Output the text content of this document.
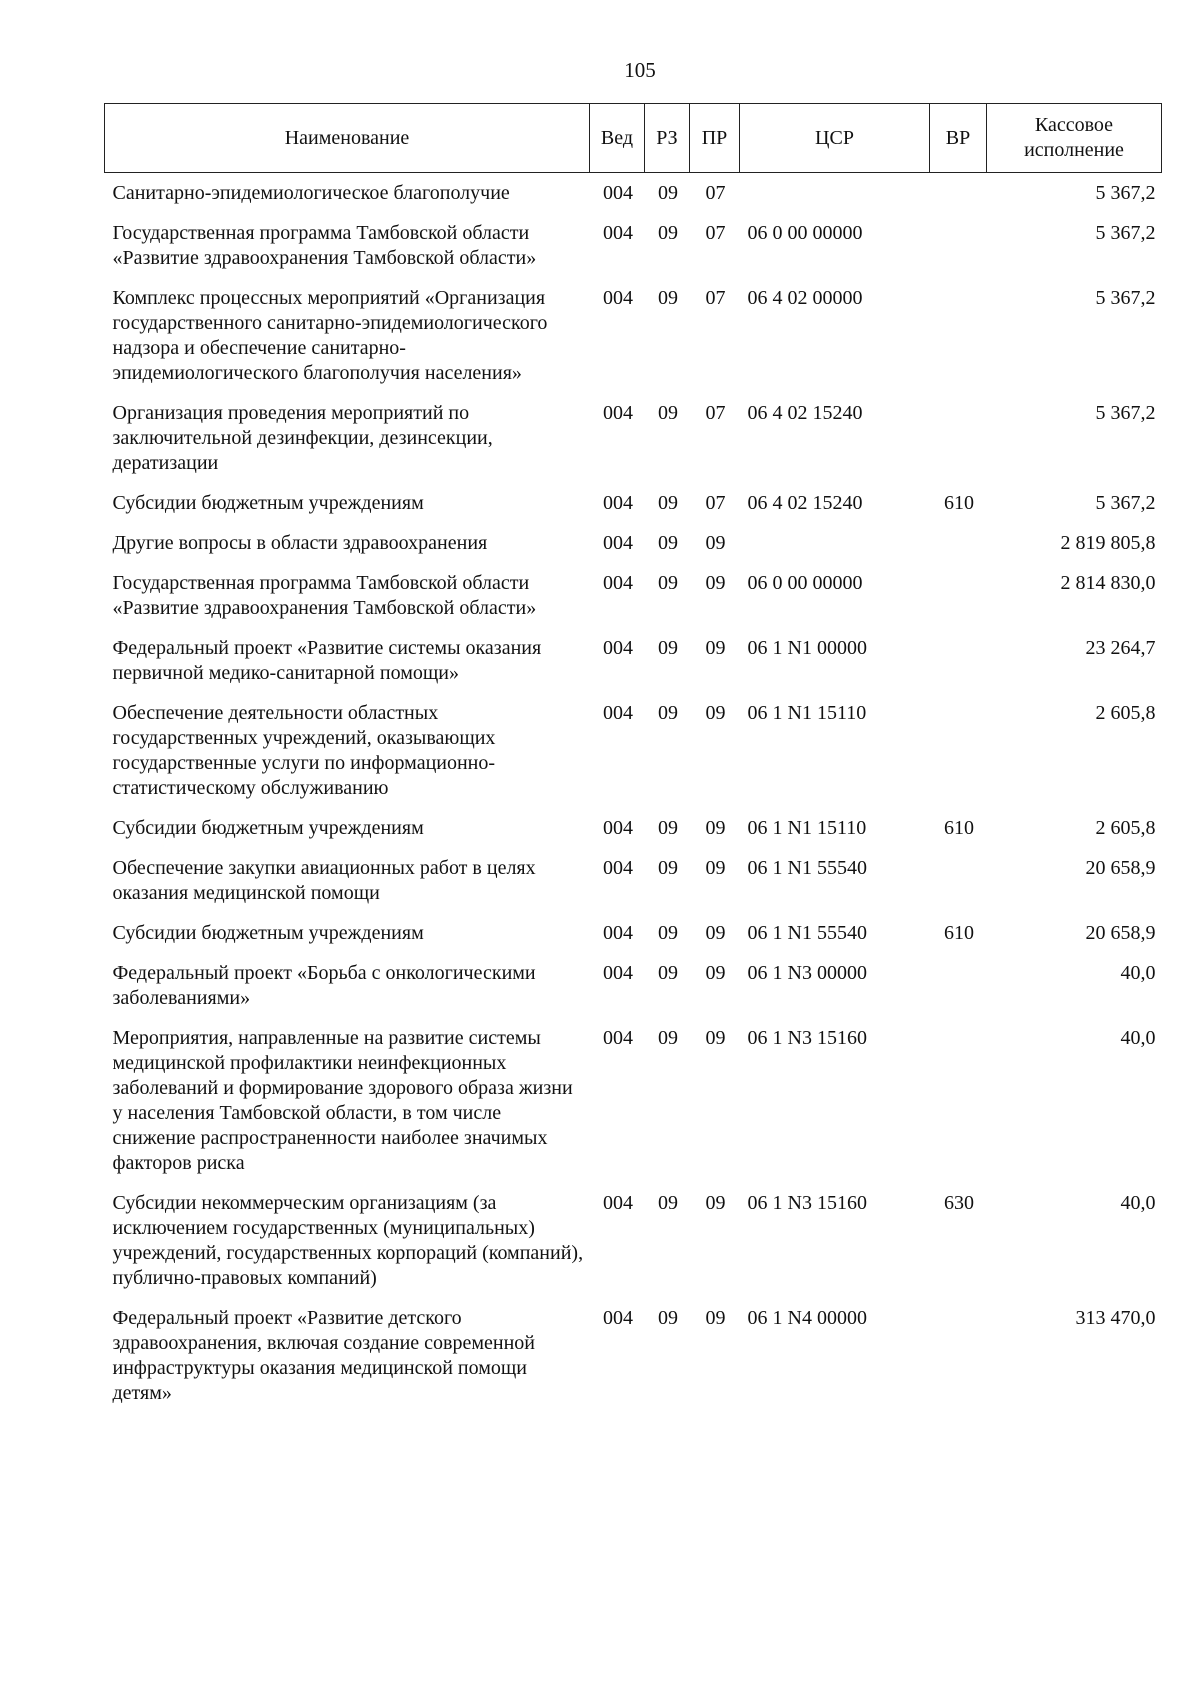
105
Наименование	Вед	РЗ	ПР	ЦСР	ВР	Кассовое исполнение
Санитарно-эпидемиологическое благополучие	004	09	07			5 367,2
Государственная программа Тамбовской области «Развитие здравоохранения Тамбовской области»	004	09	07	06 0 00 00000		5 367,2
Комплекс процессных мероприятий «Организация государственного санитарно-эпидемиологического надзора и обеспечение санитарно-эпидемиологического благополучия населения»	004	09	07	06 4 02 00000		5 367,2
Организация проведения мероприятий по заключительной дезинфекции, дезинсекции, дератизации	004	09	07	06 4 02 15240		5 367,2
Субсидии бюджетным учреждениям	004	09	07	06 4 02 15240	610	5 367,2
Другие вопросы в области здравоохранения	004	09	09			2 819 805,8
Государственная программа Тамбовской области «Развитие здравоохранения Тамбовской области»	004	09	09	06 0 00 00000		2 814 830,0
Федеральный проект «Развитие системы оказания первичной медико-санитарной помощи»	004	09	09	06 1 N1 00000		23 264,7
Обеспечение деятельности областных государственных учреждений, оказывающих государственные услуги по информационно-статистическому обслуживанию	004	09	09	06 1 N1 15110		2 605,8
Субсидии бюджетным учреждениям	004	09	09	06 1 N1 15110	610	2 605,8
Обеспечение закупки авиационных работ в целях оказания медицинской помощи	004	09	09	06 1 N1 55540		20 658,9
Субсидии бюджетным учреждениям	004	09	09	06 1 N1 55540	610	20 658,9
Федеральный проект «Борьба с онкологическими заболеваниями»	004	09	09	06 1 N3 00000		40,0
Мероприятия, направленные на развитие системы медицинской профилактики неинфекционных заболеваний и формирование здорового образа жизни у населения Тамбовской области, в том числе снижение распространенности наиболее значимых факторов риска	004	09	09	06 1 N3 15160		40,0
Субсидии некоммерческим организациям (за исключением государственных (муниципальных) учреждений, государственных корпораций (компаний), публично-правовых компаний)	004	09	09	06 1 N3 15160	630	40,0
Федеральный проект «Развитие детского здравоохранения, включая создание современной инфраструктуры оказания медицинской помощи детям»	004	09	09	06 1 N4 00000		313 470,0
